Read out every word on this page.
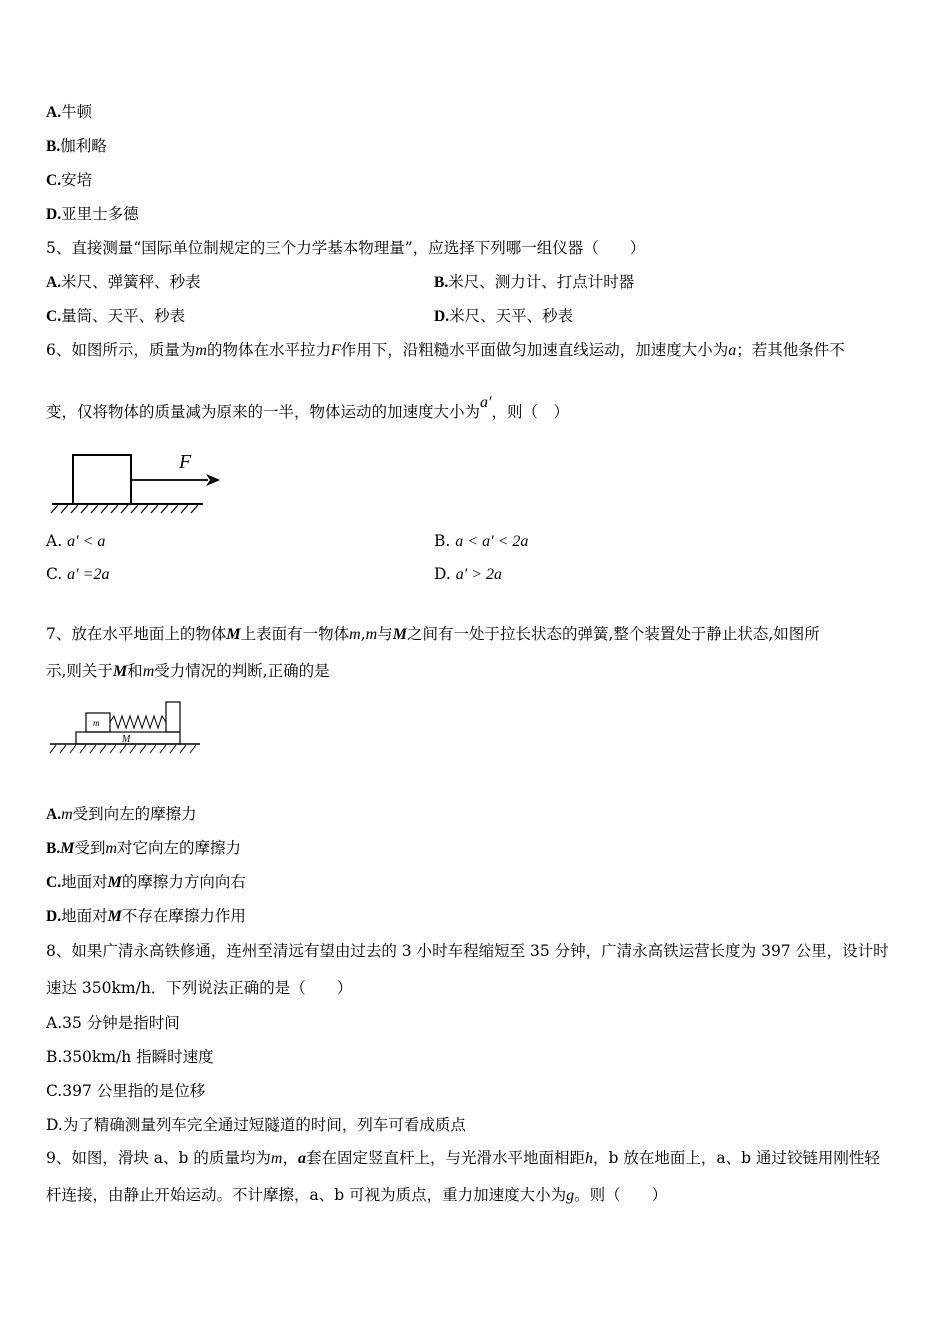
A.牛顿
B.伽利略
C.安培
D.亚里士多德
5、直接测量“国际单位制规定的三个力学基本物理量”，应选择下列哪一组仪器（　　）
A.米尺、弹簧秤、秒表	B.米尺、测力计、打点计时器
C.量筒、天平、秒表	D.米尺、天平、秒表
6、如图所示，质量为m的物体在水平拉力F作用下，沿粗糙水平面做匀加速直线运动，加速度大小为a；若其他条件不
变，仅将物体的质量减为原来的一半，物体运动的加速度大小为a′，则（　）
F
A. a′ < a	B. a < a′ < 2a
C. a′ =2a	D. a′ > 2a
7、放在水平地面上的物体M上表面有一物体m,m与M之间有一处于拉长状态的弹簧,整个装置处于静止状态,如图所
示,则关于M和m受力情况的判断,正确的是
M
m
A.m受到向左的摩擦力
B.M受到m对它向左的摩擦力
C.地面对M的摩擦力方向向右
D.地面对M不存在摩擦力作用
8、如果广清永高铁修通，连州至清远有望由过去的 3 小时车程缩短至 35 分钟，广清永高铁运营长度为 397 公里，设计时
速达 350km/h．下列说法正确的是（　　）
A.35 分钟是指时间
B.350km/h 指瞬时速度
C.397 公里指的是位移
D.为了精确测量列车完全通过短隧道的时间，列车可看成质点
9、如图，滑块 a、b 的质量均为m，a套在固定竖直杆上，与光滑水平地面相距h，b 放在地面上，a、b 通过铰链用刚性轻
杆连接，由静止开始运动。不计摩擦，a、b 可视为质点，重力加速度大小为g。则（　　）
